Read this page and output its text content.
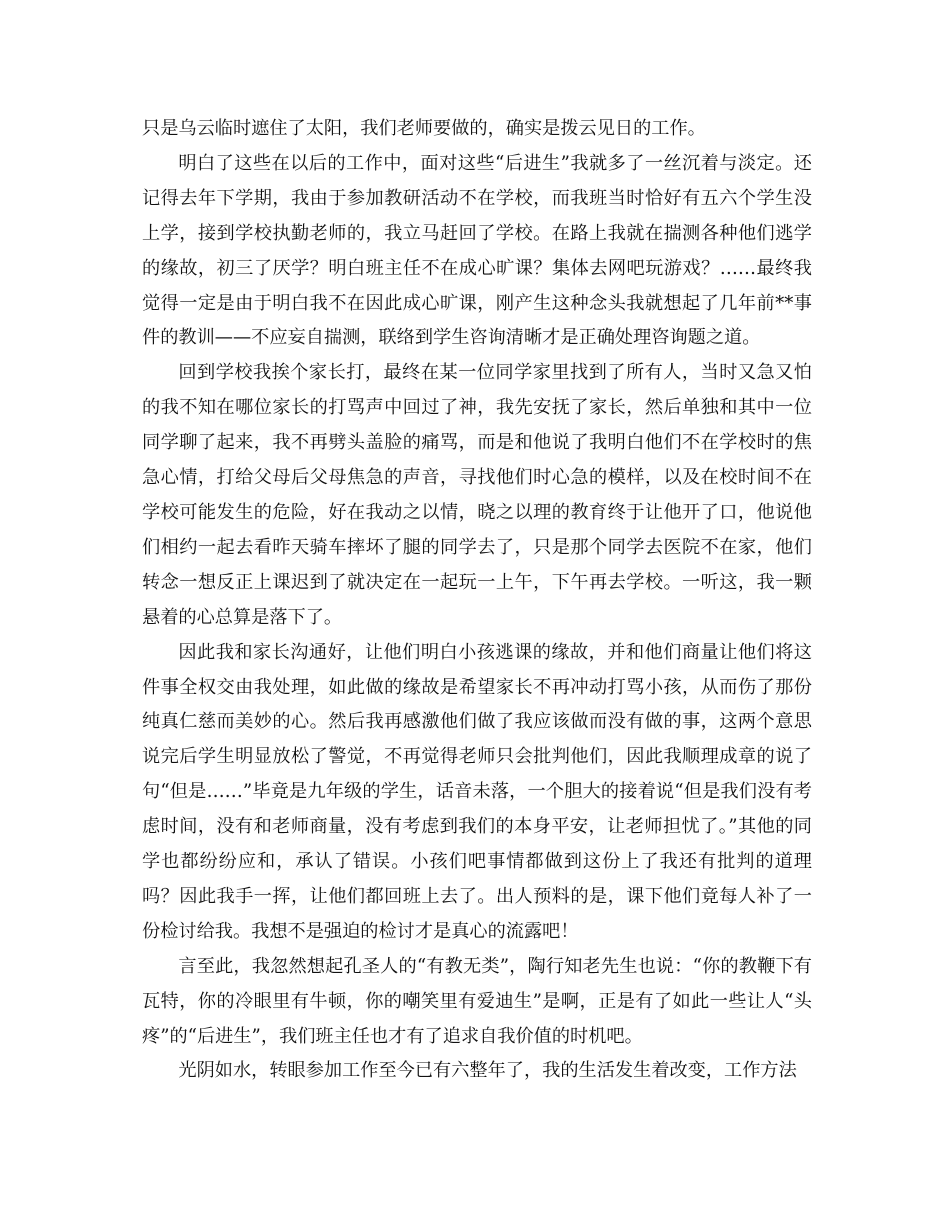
只是乌云临时遮住了太阳，我们老师要做的，确实是拨云见日的工作。

明白了这些在以后的工作中，面对这些“后进生”我就多了一丝沉着与淡定。还记得去年下学期，我由于参加教研活动不在学校，而我班当时恰好有五六个学生没上学，接到学校执勤老师的，我立马赶回了学校。在路上我就在揣测各种他们逃学的缘故，初三了厌学？明白班主任不在成心旷课？集体去网吧玩游戏？……最终我觉得一定是由于明白我不在因此成心旷课，刚产生这种念头我就想起了几年前**事件的教训——不应妄自揣测，联络到学生咨询清晰才是正确处理咨询题之道。

回到学校我挨个家长打，最终在某一位同学家里找到了所有人，当时又急又怕的我不知在哪位家长的打骂声中回过了神，我先安抚了家长，然后单独和其中一位同学聊了起来，我不再劈头盖脸的痛骂，而是和他说了我明白他们不在学校时的焦急心情，打给父母后父母焦急的声音，寻找他们时心急的模样，以及在校时间不在学校可能发生的危险，好在我动之以情，晓之以理的教育终于让他开了口，他说他们相约一起去看昨天骑车摔坏了腿的同学去了，只是那个同学去医院不在家，他们转念一想反正上课迟到了就决定在一起玩一上午，下午再去学校。一听这，我一颗悬着的心总算是落下了。

因此我和家长沟通好，让他们明白小孩逃课的缘故，并和他们商量让他们将这件事全权交由我处理，如此做的缘故是希望家长不再冲动打骂小孩，从而伤了那份纯真仁慈而美妙的心。然后我再感激他们做了我应该做而没有做的事，这两个意思说完后学生明显放松了警觉，不再觉得老师只会批判他们，因此我顺理成章的说了句“但是……”毕竟是九年级的学生，话音未落，一个胆大的接着说“但是我们没有考虑时间，没有和老师商量，没有考虑到我们的本身平安，让老师担忧了。”其他的同学也都纷纷应和，承认了错误。小孩们吧事情都做到这份上了我还有批判的道理吗？因此我手一挥，让他们都回班上去了。出人预料的是，课下他们竟每人补了一份检讨给我。我想不是强迫的检讨才是真心的流露吧！

言至此，我忽然想起孔圣人的“有教无类”，陶行知老先生也说：“你的教鞭下有瓦特，你的冷眼里有牛顿，你的嘲笑里有爱迪生”是啊，正是有了如此一些让人“头疼”的“后进生”，我们班主任也才有了追求自我价值的时机吧。

光阴如水，转眼参加工作至今已有六整年了，我的生活发生着改变，工作方法
